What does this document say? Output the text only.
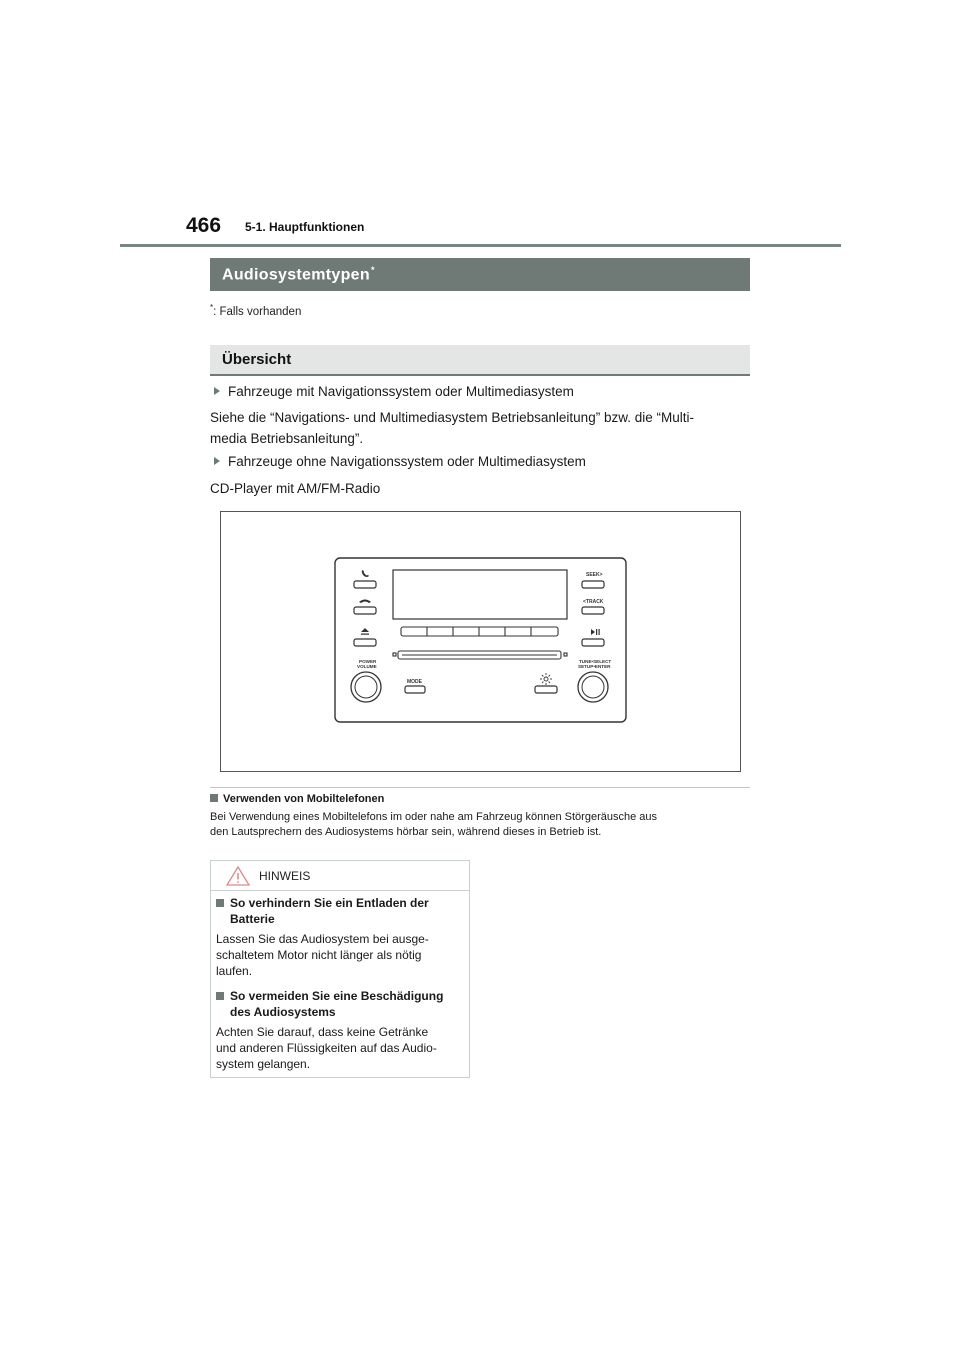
466 5-1. Hauptfunktionen
Audiosystemtypen*
*: Falls vorhanden
Übersicht
Fahrzeuge mit Navigationssystem oder Multimediasystem
Siehe die “Navigations- und Multimediasystem Betriebsanleitung” bzw. die “Multi-
media Betriebsanleitung”.
Fahrzeuge ohne Navigationssystem oder Multimediasystem
CD-Player mit AM/FM-Radio
SEEK>
<TRACK
POWER
VOLUME
TUNE•SELECT
SETUP•ENTER
MODE
Verwenden von Mobiltelefonen
Bei Verwendung eines Mobiltelefons im oder nahe am Fahrzeug können Störgeräusche aus
den Lautsprechern des Audiosystems hörbar sein, während dieses in Betrieb ist.
HINWEIS
So verhindern Sie ein Entladen der
Batterie
Lassen Sie das Audiosystem bei ausge-
schaltetem Motor nicht länger als nötig
laufen.
So vermeiden Sie eine Beschädigung
des Audiosystems
Achten Sie darauf, dass keine Getränke
und anderen Flüssigkeiten auf das Audio-
system gelangen.
